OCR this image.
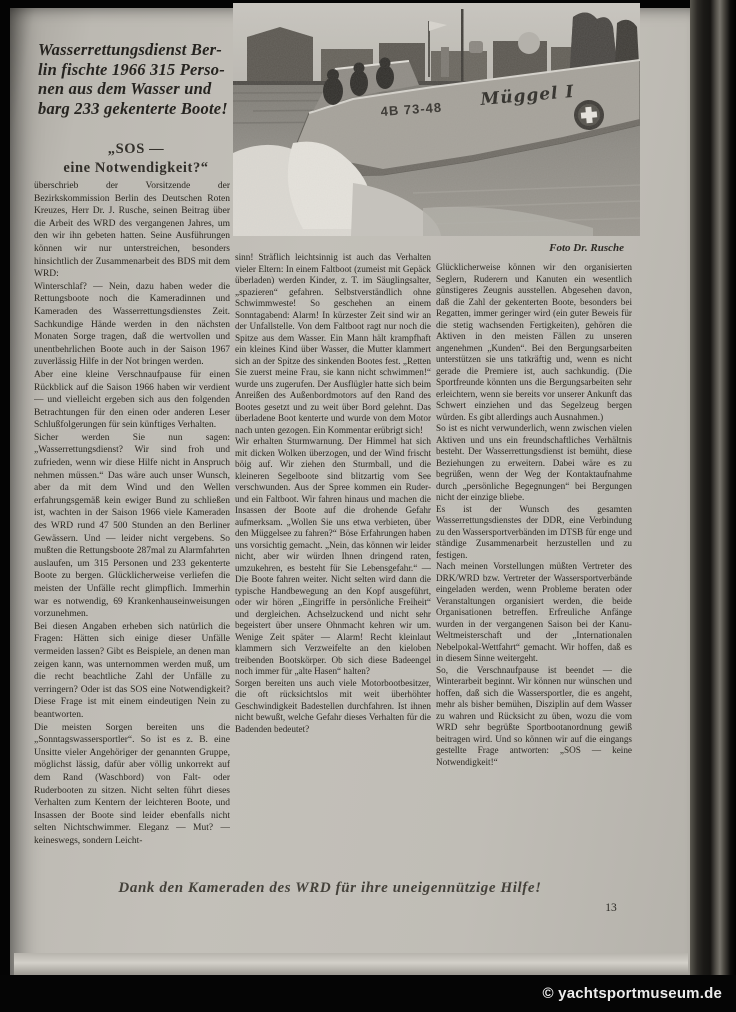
Wasserrettungsdienst Ber-

lin fischte 1966 315 Perso-

nen aus dem Wasser und

barg 233 gekenterte Boote!

„SOS —
eine Notwendigkeit?“
Foto Dr. Rusche

überschrieb der Vorsitzende der Bezirkskommission Berlin des Deutschen Roten Kreuzes, Herr Dr. J. Rusche, seinen Beitrag über die Arbeit des WRD des vergangenen Jahres, um den wir ihn gebeten hatten. Seine Ausführungen können wir nur unterstreichen, besonders hinsichtlich der Zusammenarbeit des BDS mit dem WRD:

Winterschlaf? — Nein, dazu haben weder die Rettungsboote noch die Kameradinnen und Kameraden des Wasserrettungsdienstes Zeit. Sachkundige Hände werden in den nächsten Monaten Sorge tragen, daß die wertvollen und unentbehrlichen Boote auch in der Saison 1967 zuverlässig Hilfe in der Not bringen werden.

Aber eine kleine Verschnaufpause für einen Rückblick auf die Saison 1966 haben wir verdient — und vielleicht ergeben sich aus den folgenden Betrachtungen für den einen oder anderen Leser Schlußfolgerungen für sein künftiges Verhalten.

Sicher werden Sie nun sagen: „Wasserrettungsdienst? Wir sind froh und zufrieden, wenn wir diese Hilfe nicht in Anspruch nehmen müssen.“ Das wäre auch unser Wunsch, aber da mit dem Wind und den Wellen erfahrungsgemäß kein ewiger Bund zu schließen ist, wachten in der Saison 1966 viele Kameraden des WRD rund 47 500 Stunden an den Berliner Gewässern. Und — leider nicht vergebens. So mußten die Rettungsboote 287mal zu Alarmfahrten auslaufen, um 315 Personen und 233 gekenterte Boote zu bergen. Glücklicherweise verliefen die meisten der Unfälle recht glimpflich. Immerhin war es notwendig, 69 Krankenhauseinweisungen vorzunehmen.

Bei diesen Angaben erheben sich natürlich die Fragen: Hätten sich einige dieser Unfälle vermeiden lassen? Gibt es Beispiele, an denen man zeigen kann, was unternommen werden muß, um die recht beachtliche Zahl der Unfälle zu verringern? Oder ist das SOS eine Notwendigkeit? Diese Frage ist mit einem eindeutigen Nein zu beantworten.

Die meisten Sorgen bereiten uns die „Sonntagswassersportler“. So ist es z. B. eine Unsitte vieler Angehöriger der genannten Gruppe, möglichst lässig, dafür aber völlig unkorrekt auf dem Rand (Waschbord) von Falt- oder Ruderbooten zu sitzen. Nicht selten führt dieses Verhalten zum Kentern der leichteren Boote, und Insassen der Boote sind leider ebenfalls nicht selten Nichtschwimmer. Eleganz — Mut? — keineswegs, sondern Leicht-

sinn! Sträflich leichtsinnig ist auch das Verhalten vieler Eltern: In einem Faltboot (zumeist mit Gepäck überladen) werden Kinder, z. T. im Säuglingsalter, „spazieren“ gefahren. Selbstverständlich ohne Schwimmweste! So geschehen an einem Sonntagabend: Alarm! In kürzester Zeit sind wir an der Unfallstelle. Von dem Faltboot ragt nur noch die Spitze aus dem Wasser. Ein Mann hält krampfhaft ein kleines Kind über Wasser, die Mutter klammert sich an der Spitze des sinkenden Bootes fest. „Retten Sie zuerst meine Frau, sie kann nicht schwimmen!“ wurde uns zugerufen. Der Ausflügler hatte sich beim Anreißen des Außenbordmotors auf den Rand des Bootes gesetzt und zu weit über Bord gelehnt. Das überladene Boot kenterte und wurde von dem Motor nach unten gezogen. Ein Kommentar erübrigt sich!

Wir erhalten Sturmwarnung. Der Himmel hat sich mit dicken Wolken überzogen, und der Wind frischt böig auf. Wir ziehen den Sturmball, und die kleineren Segelboote sind blitzartig vom See verschwunden. Aus der Spree kommen ein Ruder- und ein Faltboot. Wir fahren hinaus und machen die Insassen der Boote auf die drohende Gefahr aufmerksam. „Wollen Sie uns etwa verbieten, über den Müggelsee zu fahren?“ Böse Erfahrungen haben uns vorsichtig gemacht. „Nein, das können wir leider nicht, aber wir würden Ihnen dringend raten, umzukehren, es besteht für Sie Lebensgefahr.“ — Die Boote fahren weiter. Nicht selten wird dann die typische Handbewegung an den Kopf ausgeführt, oder wir hören „Eingriffe in persönliche Freiheit“ und dergleichen. Achselzuckend und nicht sehr begeistert über unsere Ohnmacht kehren wir um. Wenige Zeit später — Alarm! Recht kleinlaut klammern sich Verzweifelte an den kieloben treibenden Bootskörper. Ob sich diese Badeengel noch immer für „alte Hasen“ halten?

Sorgen bereiten uns auch viele Motorbootbesitzer, die oft rücksichtslos mit weit überhöhter Geschwindigkeit Badestellen durchfahren. Ist ihnen nicht bewußt, welche Gefahr dieses Verhalten für die Badenden bedeutet?

Glücklicherweise können wir den organisierten Seglern, Ruderern und Kanuten ein wesentlich günstigeres Zeugnis ausstellen. Abgesehen davon, daß die Zahl der gekenterten Boote, besonders bei Regatten, immer geringer wird (ein guter Beweis für die stetig wachsenden Fertigkeiten), gehören die Aktiven in den meisten Fällen zu unseren angenehmen „Kunden“. Bei den Bergungsarbeiten unterstützen sie uns tatkräftig und, wenn es nicht gerade die Premiere ist, auch sachkundig. (Die Sportfreunde könnten uns die Bergungsarbeiten sehr erleichtern, wenn sie bereits vor unserer Ankunft das Schwert einziehen und das Segelzeug bergen würden. Es gibt allerdings auch Ausnahmen.)

So ist es nicht verwunderlich, wenn zwischen vielen Aktiven und uns ein freundschaftliches Verhältnis besteht. Der Wasserrettungsdienst ist bemüht, diese Beziehungen zu erweitern. Dabei wäre es zu begrüßen, wenn der Weg der Kontaktaufnahme durch „persönliche Begegnungen“ bei Bergungen nicht der einzige bliebe.

Es ist der Wunsch des gesamten Wasserrettungsdienstes der DDR, eine Verbindung zu den Wassersportverbänden im DTSB für enge und ständige Zusammenarbeit herzustellen und zu festigen.

Nach meinen Vorstellungen müßten Vertreter des DRK/WRD bzw. Vertreter der Wassersportverbände eingeladen werden, wenn Probleme beraten oder Veranstaltungen organisiert werden, die beide Organisationen betreffen. Erfreuliche Anfänge wurden in der vergangenen Saison bei der Kanu-Weltmeisterschaft und der „Internationalen Nebelpokal-Wettfahrt“ gemacht. Wir hoffen, daß es in diesem Sinne weitergeht.

So, die Verschnaufpause ist beendet — die Winterarbeit beginnt. Wir können nur wünschen und hoffen, daß sich die Wassersportler, die es angeht, mehr als bisher bemühen, Disziplin auf dem Wasser zu wahren und Rücksicht zu üben, wozu die vom WRD sehr begrüßte Sportbootanordnung gewiß beitragen wird. Und so können wir auf die eingangs gestellte Frage antworten: „SOS — keine Notwendigkeit!“

Dank den Kameraden des WRD für ihre uneigennützige Hilfe!
13
© yachtsportmuseum.de
